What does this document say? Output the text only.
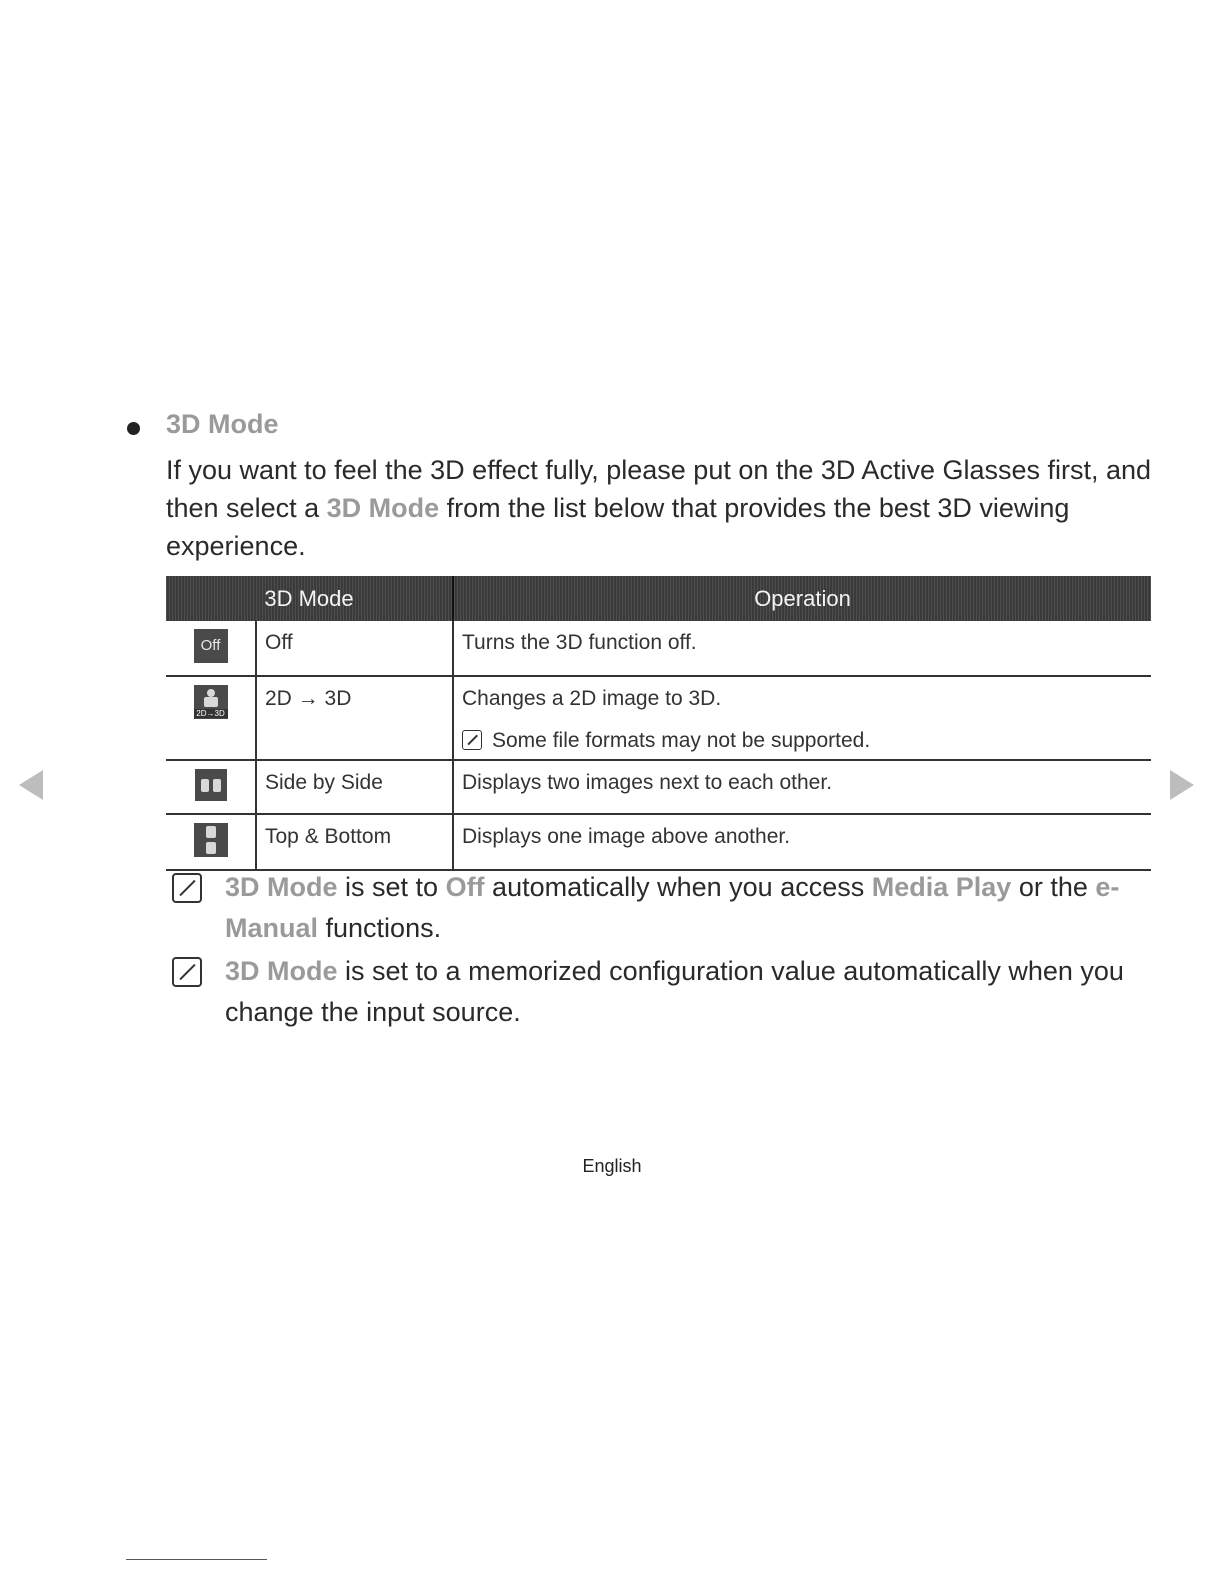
3D Mode
If you want to feel the 3D effect fully, please put on the 3D Active Glasses first, and then select a 3D Mode from the list below that provides the best 3D viewing experience.
3D Mode		Operation
Off	Off	Turns the 3D function off.

2D→3D	2D → 3D	Changes a 2D image to 3D.
Some file formats may not be supported.

	Side by Side	Displays two images next to each other.

	Top & Bottom	Displays one image above another.
3D Mode is set to Off automatically when you access Media Play or the e-Manual functions.
3D Mode is set to a memorized configuration value automatically when you change the input source.
English
